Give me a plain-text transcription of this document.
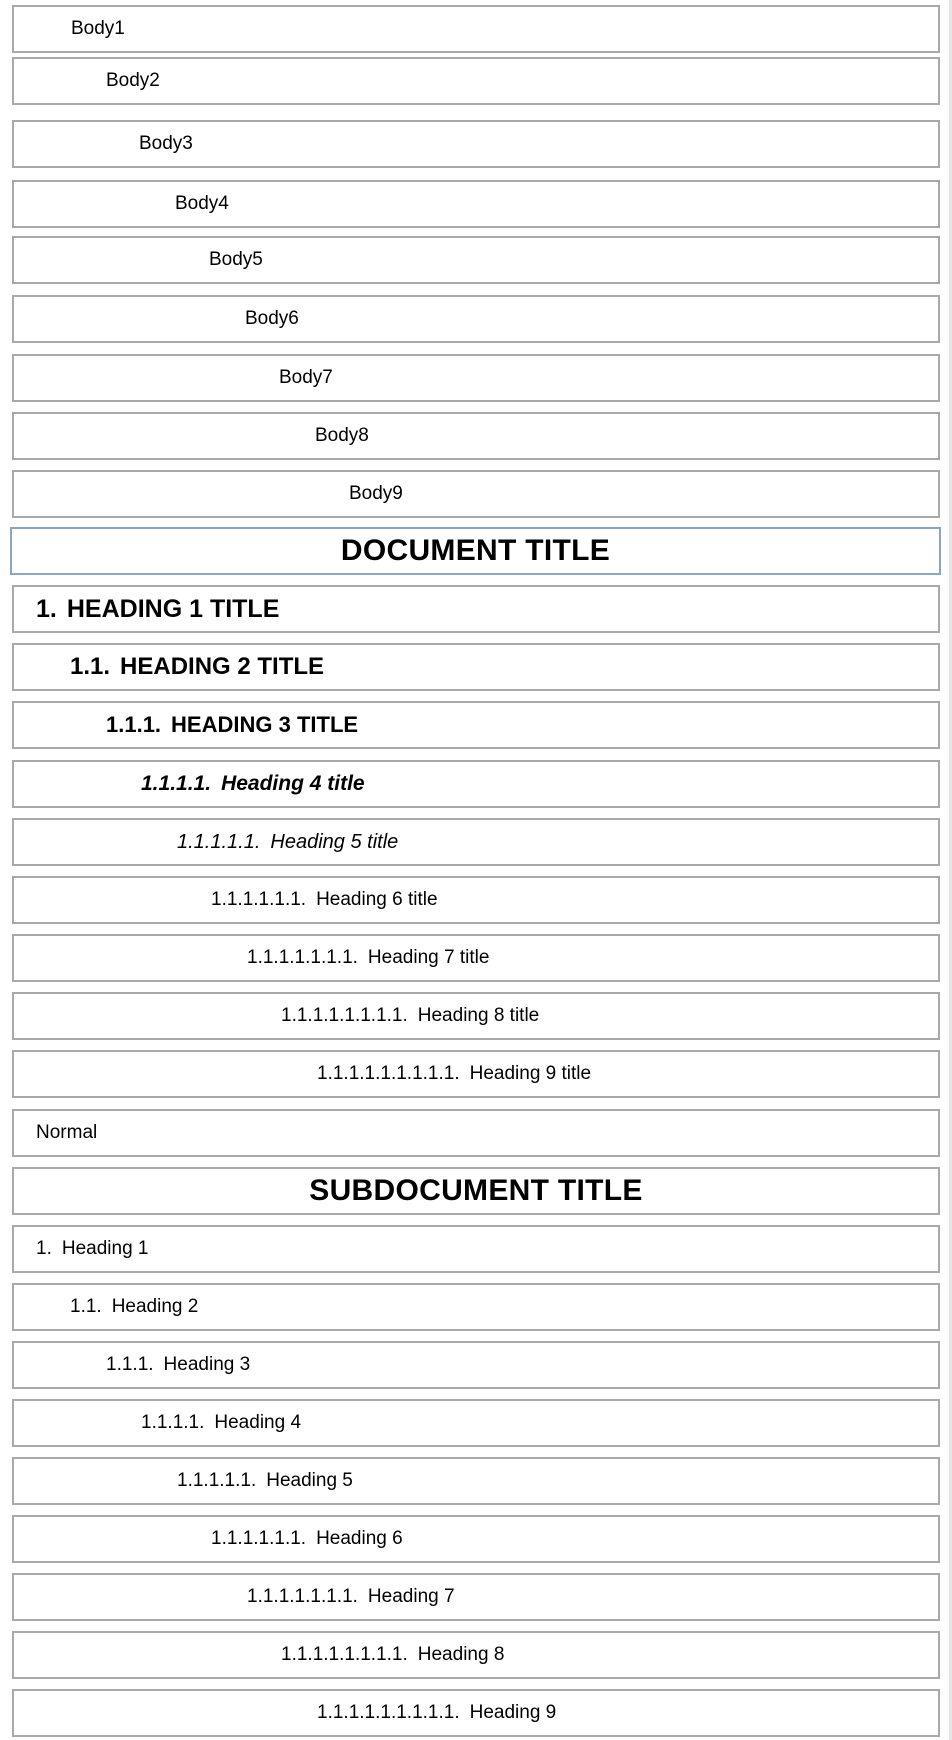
Body1
Body2
Body3
Body4
Body5
Body6
Body7
Body8
Body9
DOCUMENT TITLE
1. HEADING 1 TITLE
1.1. HEADING 2 TITLE
1.1.1. HEADING 3 TITLE
1.1.1.1. Heading 4 title
1.1.1.1.1. Heading 5 title
1.1.1.1.1.1. Heading 6 title
1.1.1.1.1.1.1. Heading 7 title
1.1.1.1.1.1.1.1. Heading 8 title
1.1.1.1.1.1.1.1.1. Heading 9 title
Normal
SUBDOCUMENT TITLE
1. Heading 1
1.1. Heading 2
1.1.1. Heading 3
1.1.1.1. Heading 4
1.1.1.1.1. Heading 5
1.1.1.1.1.1. Heading 6
1.1.1.1.1.1.1. Heading 7
1.1.1.1.1.1.1.1. Heading 8
1.1.1.1.1.1.1.1.1. Heading 9
